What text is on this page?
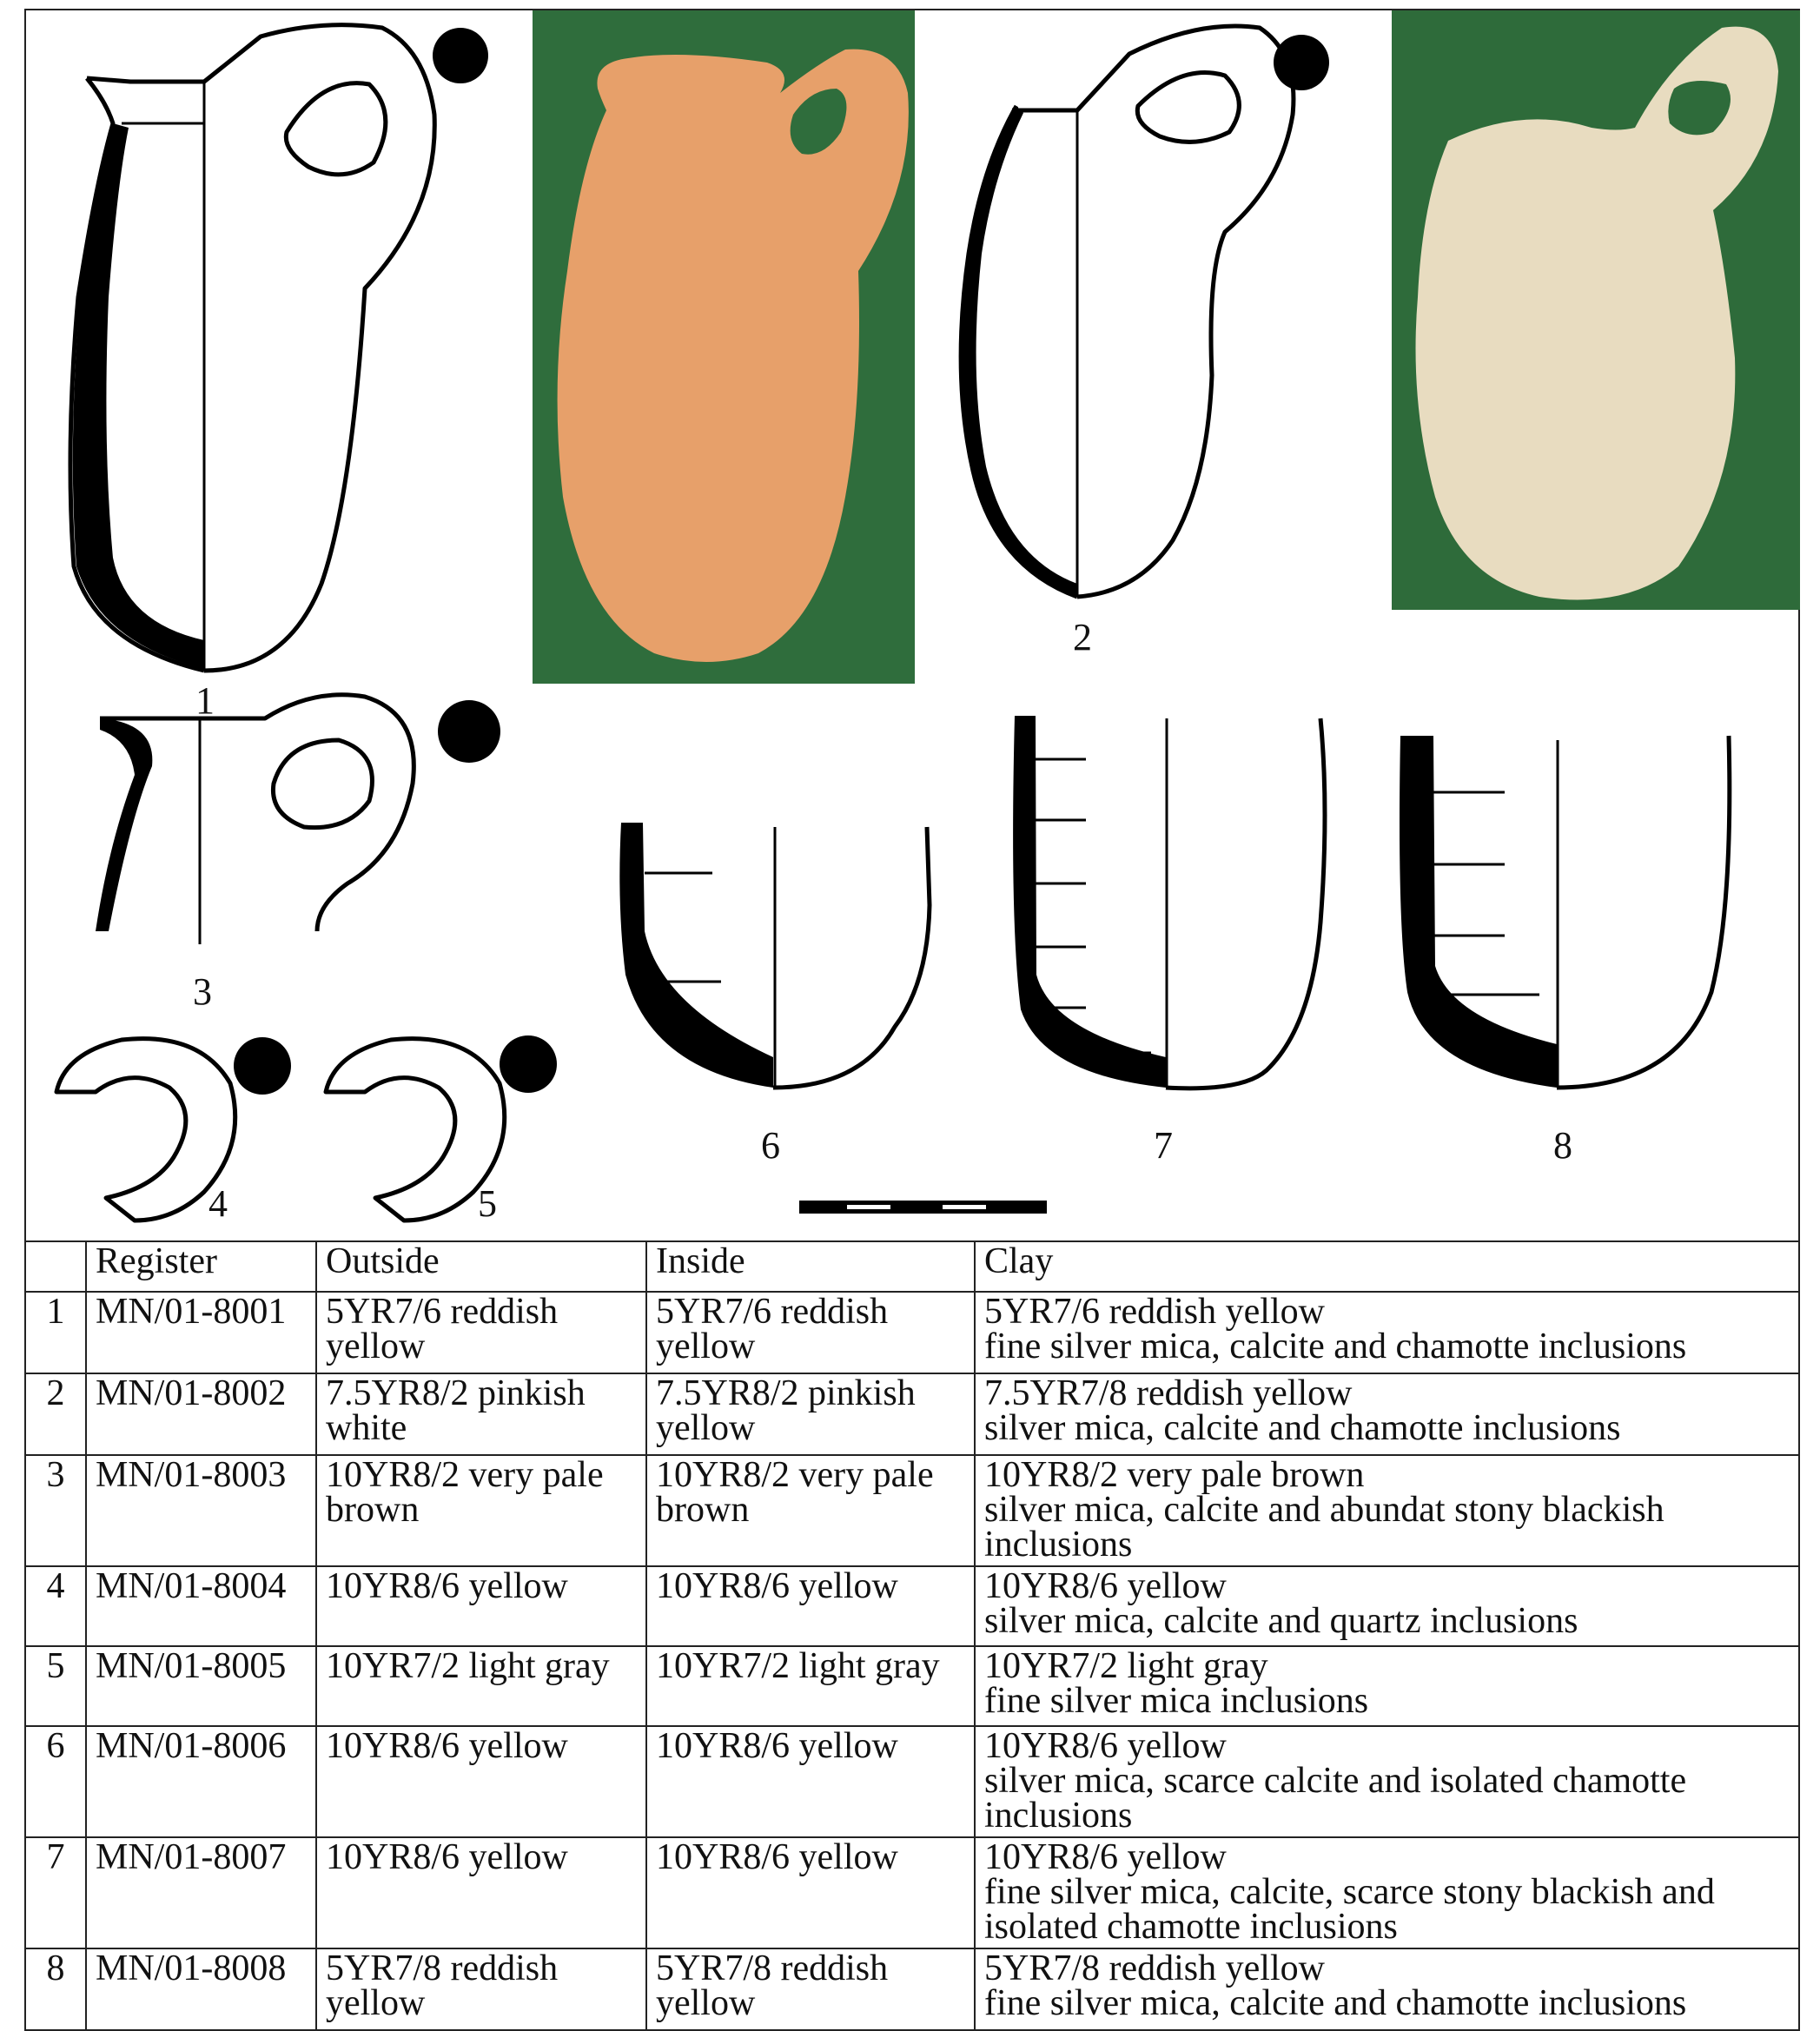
1
2
3
4	5
6	7	8
	Register	Outside	Inside	Clay
1	MN/01-8001	5YR7/6 reddish yellow	5YR7/6 reddish yellow	5YR7/6 reddish yellow
fine silver mica, calcite and chamotte inclusions

2	MN/01-8002	7.5YR8/2 pinkish white	7.5YR8/2 pinkish yellow	7.5YR7/8 reddish yellow
silver mica, calcite and chamotte inclusions

3	MN/01-8003	10YR8/2 very pale brown	10YR8/2 very pale brown	10YR8/2 very pale brown
silver mica, calcite and abundat stony blackish inclusions

4	MN/01-8004	10YR8/6 yellow	10YR8/6 yellow	10YR8/6 yellow
silver mica, calcite and quartz inclusions

5	MN/01-8005	10YR7/2 light gray	10YR7/2 light gray	10YR7/2 light gray
fine silver mica inclusions

6	MN/01-8006	10YR8/6 yellow	10YR8/6 yellow	10YR8/6 yellow
silver mica, scarce calcite and isolated chamotte inclusions

7	MN/01-8007	10YR8/6 yellow	10YR8/6 yellow	10YR8/6 yellow
fine silver mica, calcite, scarce stony blackish and isolated chamotte inclusions

8	MN/01-8008	5YR7/8 reddish yellow	5YR7/8 reddish yellow	5YR7/8 reddish yellow
fine silver mica, calcite and chamotte inclusions
